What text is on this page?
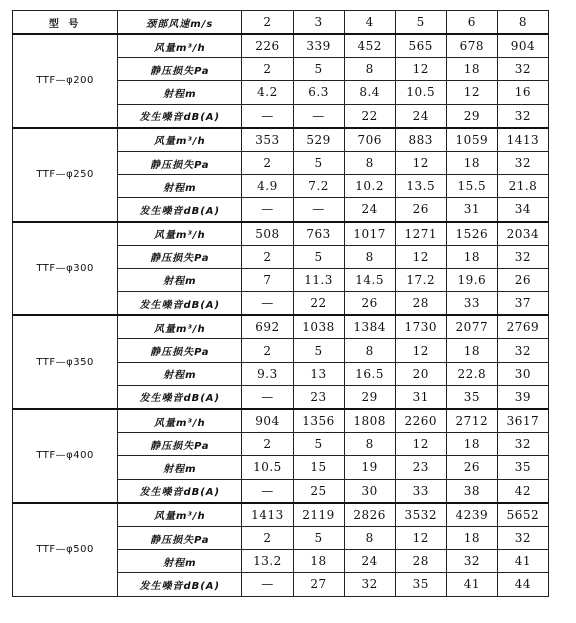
型 号	颈部风速m/s	2	3	4	5	6	8
TTF—φ200	风量m³/h	226	339	452	565	678	904
	静压损失Pa	2	5	8	12	18	32
	射程m	4.2	6.3	8.4	10.5	12	16
	发生噪音dB(A)	—	—	22	24	29	32
TTF—φ250	风量m³/h	353	529	706	883	1059	1413
	静压损失Pa	2	5	8	12	18	32
	射程m	4.9	7.2	10.2	13.5	15.5	21.8
	发生噪音dB(A)	—	—	24	26	31	34
TTF—φ300	风量m³/h	508	763	1017	1271	1526	2034
	静压损失Pa	2	5	8	12	18	32
	射程m	7	11.3	14.5	17.2	19.6	26
	发生噪音dB(A)	—	22	26	28	33	37
TTF—φ350	风量m³/h	692	1038	1384	1730	2077	2769
	静压损失Pa	2	5	8	12	18	32
	射程m	9.3	13	16.5	20	22.8	30
	发生噪音dB(A)	—	23	29	31	35	39
TTF—φ400	风量m³/h	904	1356	1808	2260	2712	3617
	静压损失Pa	2	5	8	12	18	32
	射程m	10.5	15	19	23	26	35
	发生噪音dB(A)	—	25	30	33	38	42
TTF—φ500	风量m³/h	1413	2119	2826	3532	4239	5652
	静压损失Pa	2	5	8	12	18	32
	射程m	13.2	18	24	28	32	41
	发生噪音dB(A)	—	27	32	35	41	44
